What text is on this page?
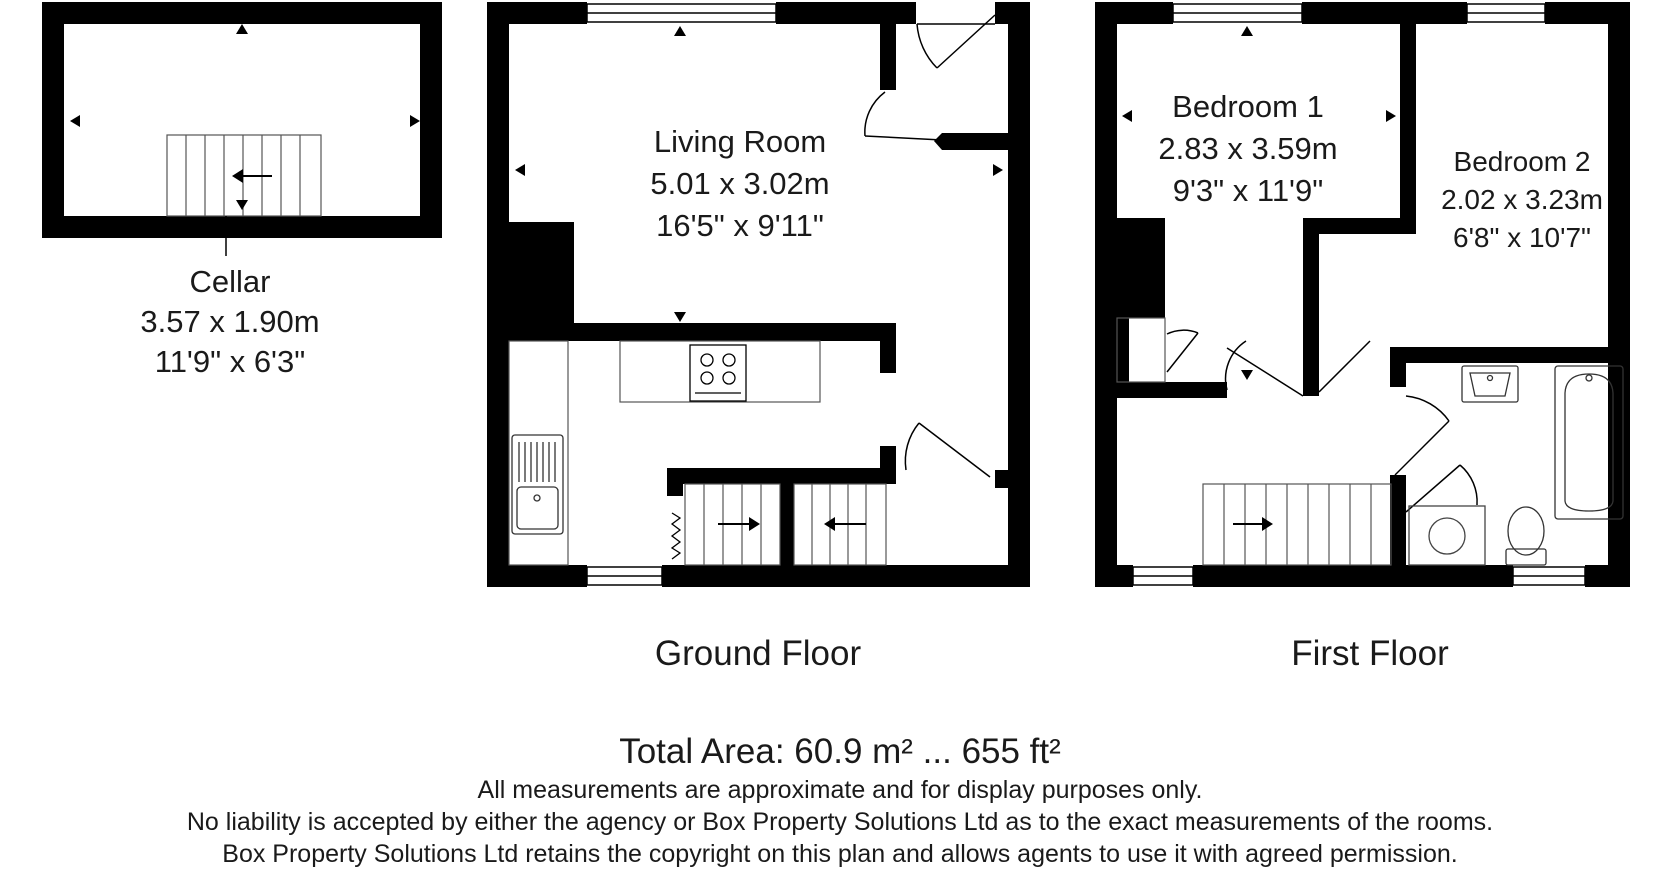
Cellar
3.57 x 1.90m
11'9" x 6'3"
Living Room
5.01 x 3.02m
16'5" x 9'11"
Ground Floor
Bedroom 1
2.83 x 3.59m
9'3" x 11'9"
Bedroom 2
2.02 x 3.23m
6'8" x 10'7"
First Floor
Total Area: 60.9 m² ... 655 ft²
All measurements are approximate and for display purposes only.
No liability is accepted by either the agency or Box Property Solutions Ltd as to the exact measurements of the rooms.
Box Property Solutions Ltd retains the copyright on this plan and allows agents to use it with agreed permission.
